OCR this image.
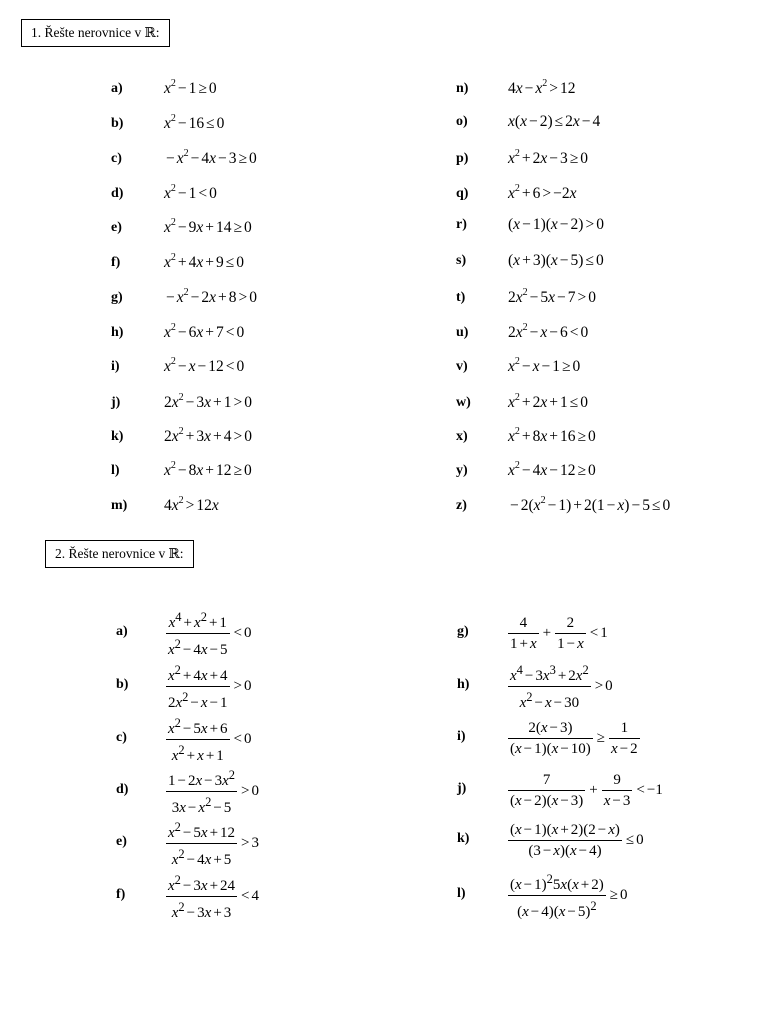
1. Řešte nerovnice v ℝ:
a)
b)
c)
d)
e)
f)
g)
h)
i)
j)
k)
l)
m)
n)
o)
p)
q)
r)
s)
t)
u)
v)
w)
x)
y)
z)
$x^2 - 1 \ge 0$
$x^2 - 16 \le 0$
− $x^2 - 4x - 3 \ge 0$
$x^2 - 1 < 0$
$x^2 - 9x + 14 \ge 0$
$x^2 + 4x + 9 \le 0$
− $x^2 - 2x + 8 > 0$
$x^2 - 6x + 7 < 0$
$x^2 - x - 12 < 0$
$2x^2 - 3x + 1 > 0$
$2x^2 + 3x + 4 > 0$
$x^2 - 8x + 12 \ge 0$
$4x^2 > 12x$
$4x - x^2 > 12$
x(x − 2) ≤ 2x − 4
$x^2 + 2x - 3 \ge 0$
$x^2 + 6 > -2x$
(x − 1)(x − 2) > 0
(x + 3)(x − 5) ≤ 0
$2x^2 - 5x - 7 > 0$
$2x^2 - x - 6 < 0$
$x^2 - x - 1 \ge 0$
$x^2 + 2x + 1 \le 0$
$x^2 + 8x + 16 \ge 0$
$x^2 - 4x - 12 \ge 0$
− $2(x^2 - 1) + 2(1 - x) - 5 \le 0$
2. Řešte nerovnice v ℝ:
a)
b)
c)
d)
e)
f)
g)
h)
i)
j)
k)
l)
$\frac{x^4 + x^2 + 1}{x^2 - 4x - 5} < 0$
$\frac{x^2 + 4x + 4}{2x^2 - x - 1} > 0$
$\frac{x^2 - 5x + 6}{x^2 + x + 1} < 0$
$\frac{1 - 2x - 3x^2}{3x - x^2 - 5} > 0$
$\frac{x^2 - 5x + 12}{x^2 - 4x + 5} > 3$
$\frac{x^2 - 3x + 24}{x^2 - 3x + 3} < 4$
$\frac{4}{1 + x} + \frac{2}{1 - x} < 1$
$\frac{x^4 - 3x^3 + 2x^2}{x^2 - x - 30} > 0$
$\frac{2(x - 3)}{(x - 1)(x - 10)} \ge \frac{1}{x - 2}$
$\frac{7}{(x - 2)(x - 3)} + \frac{9}{x - 3} < -1$
$\frac{(x - 1)(x + 2)(2 - x)}{(3 - x)(x - 4)} \le 0$
$\frac{(x - 1)^25x(x + 2)}{(x - 4)(x - 5)^2} \ge 0$
